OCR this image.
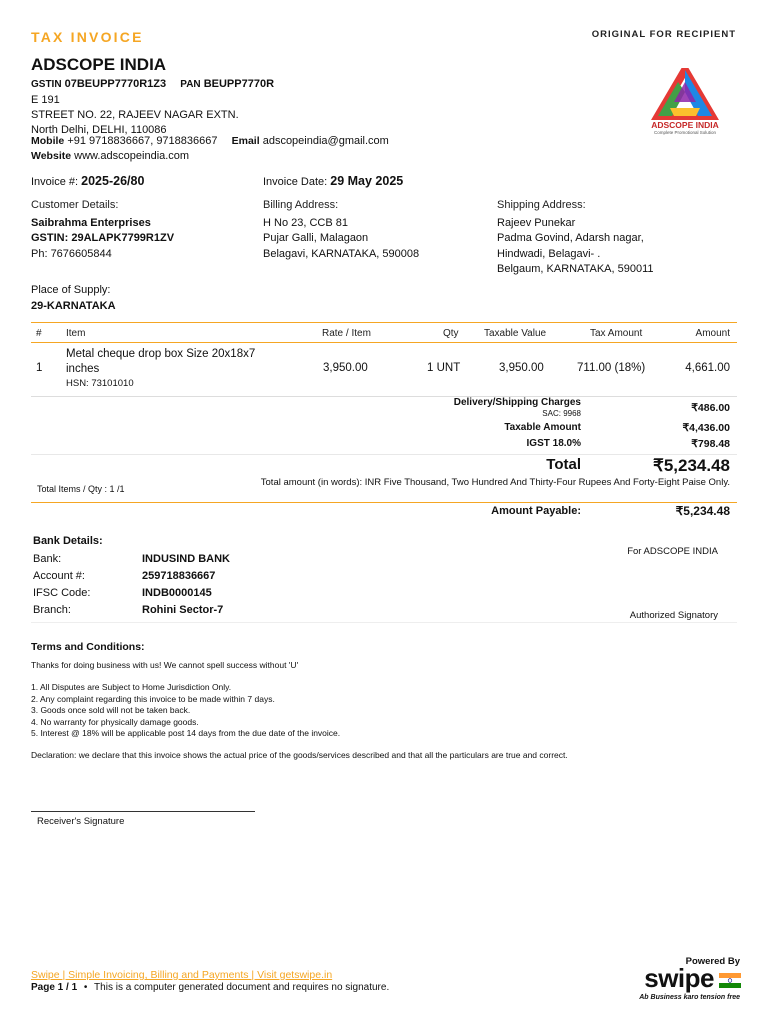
TAX INVOICE	ORIGINAL FOR RECIPIENT
ADSCOPE INDIA
GSTIN 07BEUPP7770R1Z3 PAN BEUPP7770R
E 191
STREET NO. 22, RAJEEV NAGAR EXTN.
North Delhi, DELHI, 110086
Mobile +91 9718836667, 9718836667 Email adscopeindia@gmail.com
Website www.adscopeindia.com
ADSCOPE INDIA
Complete Promotional Solution
Invoice #: 2025-26/80	Invoice Date: 29 May 2025
Customer Details:
Saibrahma Enterprises
GSTIN: 29ALAPK7799R1ZV
Ph: 7676605844
Billing Address:
H No 23, CCB 81
Pujar Galli, Malagaon
Belagavi, KARNATAKA, 590008
Shipping Address:
Rajeev Punekar
Padma Govind, Adarsh nagar,
Hindwadi, Belagavi- .
Belgaum, KARNATAKA, 590011
Place of Supply:
29-KARNATAKA
# Item	Rate / Item	Qty	Taxable Value	Tax Amount	Amount
1
Metal cheque drop box Size 20x18x7
inches
HSN: 73101010
3,950.00	1 UNT	3,950.00	711.00 (18%)	4,661.00
Delivery/Shipping Charges
SAC: 9968	₹486.00
Taxable Amount	₹4,436.00
IGST 18.0%	₹798.48
Total	₹5,234.48
Total Items / Qty : 1 /1
Total amount (in words): INR Five Thousand, Two Hundred And Thirty-Four Rupees And Forty-Eight Paise Only.
Amount Payable:	₹5,234.48
Bank Details:
Bank:	INDUSIND BANK
Account #:	259718836667
IFSC Code:	INDB0000145
Branch:	Rohini Sector-7
For ADSCOPE INDIA
Authorized Signatory
Terms and Conditions:
Thanks for doing business with us! We cannot spell success without 'U'
1. All Disputes are Subject to Home Jurisdiction Only.
2. Any complaint regarding this invoice to be made within 7 days.
3. Goods once sold will not be taken back.
4. No warranty for physically damage goods.
5. Interest @ 18% will be applicable post 14 days from the due date of the invoice.
Declaration: we declare that this invoice shows the actual price of the goods/services described and that all the particulars are true and correct.
Receiver's Signature
Swipe | Simple Invoicing, Billing and Payments | Visit getswipe.in
Page 1 / 1 • This is a computer generated document and requires no signature.
Powered By
swipe
Ab Business karo tension free
